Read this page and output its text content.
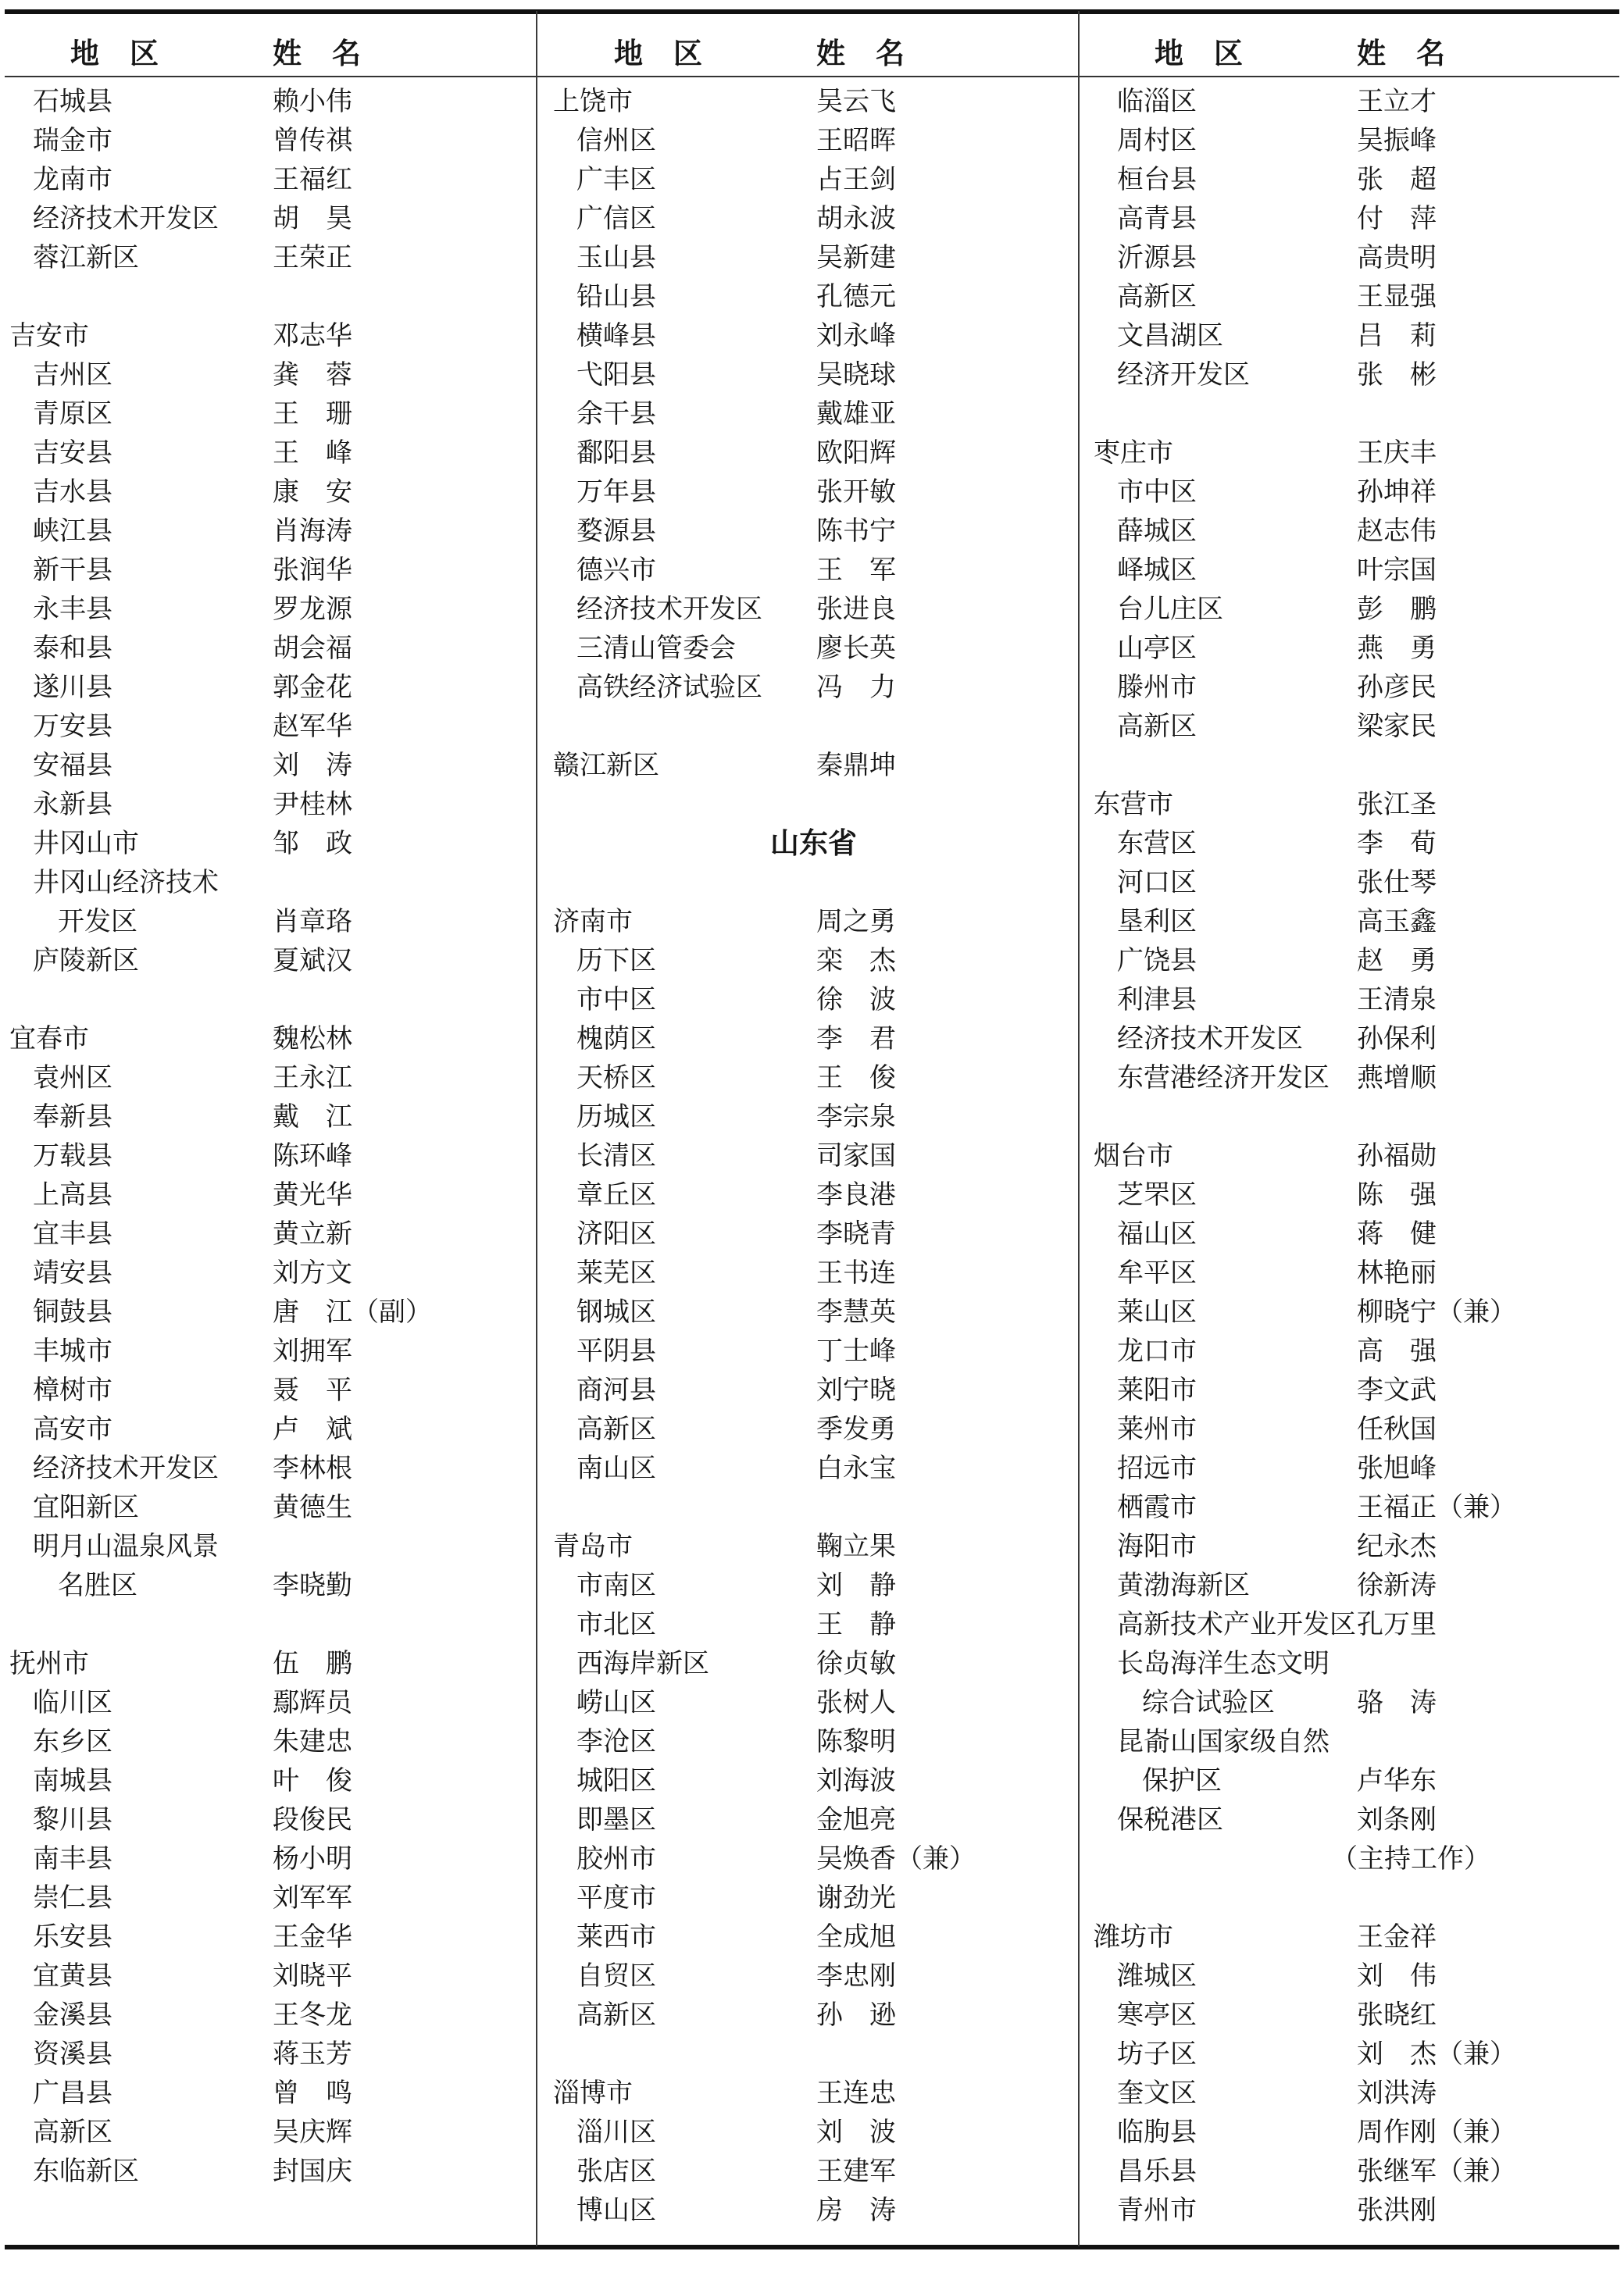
地　区	姓　名
石城县	赖小伟
瑞金市	曾传祺
龙南市	王福红
经济技术开发区 胡　昊
蓉江新区	王荣正
吉安市	邓志华
吉州区	龚　蓉
青原区	王　珊
吉安县	王　峰
吉水县	康　安
峡江县	肖海涛
新干县	张润华
永丰县	罗龙源
泰和县	胡会福
遂川县	郭金花
万安县	赵军华
安福县	刘　涛
永新县	尹桂林
井冈山市	邹　政
井冈山经济技术
开发区	肖章珞
庐陵新区	夏斌汉
宜春市	魏松林
袁州区	王永江
奉新县	戴　江
万载县	陈环峰
上高县	黄光华
宜丰县	黄立新
靖安县	刘方文
铜鼓县	唐　江（副）
丰城市	刘拥军
樟树市	聂　平
高安市	卢　斌
经济技术开发区 李林根
宜阳新区	黄德生
明月山温泉风景
名胜区	李晓勤
抚州市	伍　鹏
临川区	鄢辉员
东乡区	朱建忠
南城县	叶　俊
黎川县	段俊民
南丰县	杨小明
崇仁县	刘军军
乐安县	王金华
宜黄县	刘晓平
金溪县	王冬龙
资溪县	蒋玉芳
广昌县	曾　鸣
高新区	吴庆辉
东临新区	封国庆
地　区	姓　名
上饶市	吴云飞
信州区	王昭晖
广丰区	占王剑
广信区	胡永波
玉山县	吴新建
铅山县	孔德元
横峰县	刘永峰
弋阳县	吴晓球
余干县	戴雄亚
鄱阳县	欧阳辉
万年县	张开敏
婺源县	陈书宁
德兴市	王　军
经济技术开发区 张进良
三清山管委会	廖长英
高铁经济试验区 冯　力
赣江新区	秦鼎坤
山东省
济南市	周之勇
历下区	栾　杰
市中区	徐　波
槐荫区	李　君
天桥区	王　俊
历城区	李宗泉
长清区	司家国
章丘区	李良港
济阳区	李晓青
莱芜区	王书连
钢城区	李慧英
平阴县	丁士峰
商河县	刘宁晓
高新区	季发勇
南山区	白永宝
青岛市	鞠立果
市南区	刘　静
市北区	王　静
西海岸新区	徐贞敏
崂山区	张树人
李沧区	陈黎明
城阳区	刘海波
即墨区	金旭亮
胶州市	吴焕香（兼）
平度市	谢劲光
莱西市	全成旭
自贸区	李忠刚
高新区	孙　逊
淄博市	王连忠
淄川区	刘　波
张店区	王建军
博山区	房　涛
地　区	姓　名
临淄区	王立才
周村区	吴振峰
桓台县	张　超
高青县	付　萍
沂源县	高贵明
高新区	王显强
文昌湖区	吕　莉
经济开发区	张　彬
枣庄市	王庆丰
市中区	孙坤祥
薛城区	赵志伟
峄城区	叶宗国
台儿庄区	彭　鹏
山亭区	燕　勇
滕州市	孙彦民
高新区	梁家民
东营市	张江圣
东营区	李　荀
河口区	张仕琴
垦利区	高玉鑫
广饶县	赵　勇
利津县	王清泉
经济技术开发区 孙保利
东营港经济开发区 燕增顺
烟台市	孙福勋
芝罘区	陈　强
福山区	蒋　健
牟平区	林艳丽
莱山区	柳晓宁（兼）
龙口市	高　强
莱阳市	李文武
莱州市	任秋国
招远市	张旭峰
栖霞市	王福正（兼）
海阳市	纪永杰
黄渤海新区	徐新涛
高新技术产业开发区 孔万里
长岛海洋生态文明
综合试验区	骆　涛
昆嵛山国家级自然
保护区	卢华东
保税港区	刘条刚
（主持工作）
潍坊市	王金祥
潍城区	刘　伟
寒亭区	张晓红
坊子区	刘　杰（兼）
奎文区	刘洪涛
临朐县	周作刚（兼）
昌乐县	张继军（兼）
青州市	张洪刚
